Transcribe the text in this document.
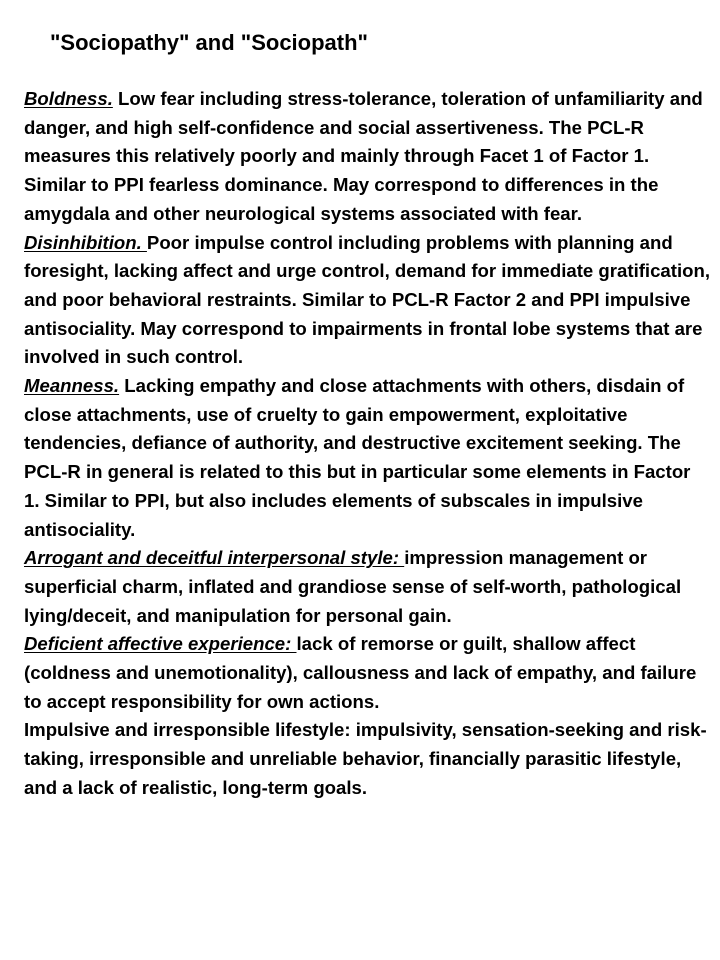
"Sociopathy" and "Sociopath"

Boldness. Low fear including stress-tolerance, toleration of unfamiliarity and danger, and high self-confidence and social assertiveness. The PCL-R measures this relatively poorly and mainly through Facet 1 of Factor 1. Similar to PPI fearless dominance. May correspond to differences in the amygdala and other neurological systems associated with fear.

Disinhibition. Poor impulse control including problems with planning and foresight, lacking affect and urge control, demand for immediate gratification, and poor behavioral restraints. Similar to PCL-R Factor 2 and PPI impulsive antisociality. May correspond to impairments in frontal lobe systems that are involved in such control.

Meanness. Lacking empathy and close attachments with others, disdain of close attachments, use of cruelty to gain empowerment, exploitative tendencies, defiance of authority, and destructive excitement seeking. The PCL-R in general is related to this but in particular some elements in Factor 1. Similar to PPI, but also includes elements of subscales in impulsive antisociality.

Arrogant and deceitful interpersonal style: impression management or superficial charm, inflated and grandiose sense of self-worth, pathological lying/deceit, and manipulation for personal gain.

Deficient affective experience: lack of remorse or guilt, shallow affect (coldness and unemotionality), callousness and lack of empathy, and failure to accept responsibility for own actions.

Impulsive and irresponsible lifestyle: impulsivity, sensation-seeking and risk-taking, irresponsible and unreliable behavior, financially parasitic lifestyle, and a lack of realistic, long-term goals.
